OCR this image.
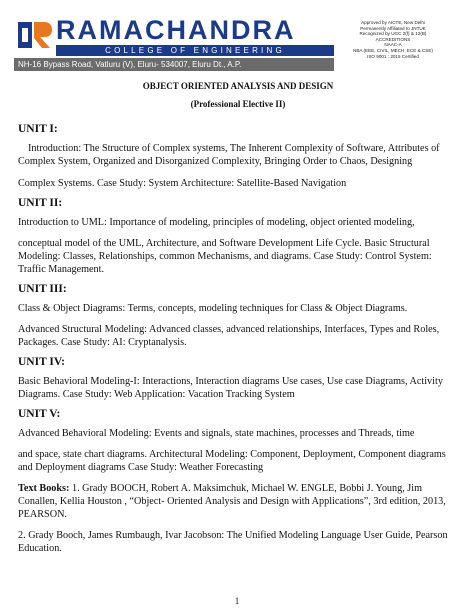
RAMACHANDRA
COLLEGE OF ENGINEERING
NH-16 Bypass Road, Vatluru (V), Eluru- 534007, Eluru Dt., A.P.
Approved by AICTE, New Delhi
Permanently Affiliated to JNTUK
Recognized by UGC 2(f) & 12(B)
ACCREDITIONS
NAAC-A
NBA (EEE, CIVIL, MECH, ECE & CSE)
ISO 9001 : 2015 Certified
OBJECT ORIENTED ANALYSIS AND DESIGN
(Professional Elective II)
UNIT I:
Introduction: The Structure of Complex systems, The Inherent Complexity of Software, Attributes of Complex System, Organized and Disorganized Complexity, Bringing Order to Chaos, Designing
Complex Systems. Case Study: System Architecture: Satellite-Based Navigation
UNIT II:
Introduction to UML: Importance of modeling, principles of modeling, object oriented modeling,
conceptual model of the UML, Architecture, and Software Development Life Cycle. Basic Structural Modeling: Classes, Relationships, common Mechanisms, and diagrams. Case Study: Control System: Traffic Management.
UNIT III:
Class & Object Diagrams: Terms, concepts, modeling techniques for Class & Object Diagrams.
Advanced Structural Modeling: Advanced classes, advanced relationships, Interfaces, Types and Roles, Packages. Case Study: AI: Cryptanalysis.
UNIT IV:
Basic Behavioral Modeling-I: Interactions, Interaction diagrams Use cases, Use case Diagrams, Activity Diagrams. Case Study: Web Application: Vacation Tracking System
UNIT V:
Advanced Behavioral Modeling: Events and signals, state machines, processes and Threads, time
and space, state chart diagrams. Architectural Modeling: Component, Deployment, Component diagrams and Deployment diagrams Case Study: Weather Forecasting
Text Books: 1. Grady BOOCH, Robert A. Maksimchuk, Michael W. ENGLE, Bobbi J. Young, Jim Conallen, Kellia Houston , “Object- Oriented Analysis and Design with Applications”, 3rd edition, 2013, PEARSON.
2. Grady Booch, James Rumbaugh, Ivar Jacobson: The Unified Modeling Language User Guide, Pearson Education.
1
